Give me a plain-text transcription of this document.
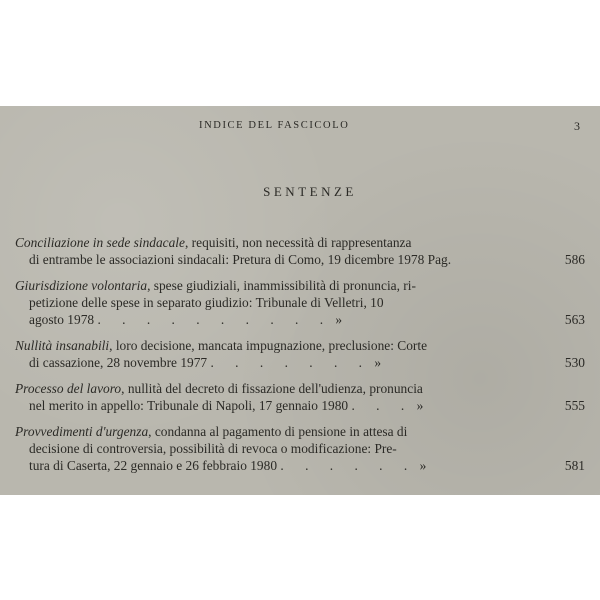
INDICE DEL FASCICOLO	3
SENTENZE
Conciliazione in sede sindacale, requisiti, non necessità di rappresentanza
di entrambe le associazioni sindacali: Pretura di Como, 19 dicembre 1978 Pag.	586
Giurisdizione volontaria, spese giudiziali, inammissibilità di pronuncia, ri-
petizione delle spese in separato giudizio: Tribunale di Velletri, 10
agosto 1978 . . . . . . . . . . »	563
Nullità insanabili, loro decisione, mancata impugnazione, preclusione: Corte
di cassazione, 28 novembre 1977 . . . . . . . »	530
Processo del lavoro, nullità del decreto di fissazione dell'udienza, pronuncia
nel merito in appello: Tribunale di Napoli, 17 gennaio 1980 . . . »	555
Provvedimenti d'urgenza, condanna al pagamento di pensione in attesa di
decisione di controversia, possibilità di revoca o modificazione: Pre-
tura di Caserta, 22 gennaio e 26 febbraio 1980 . . . . . . »	581
